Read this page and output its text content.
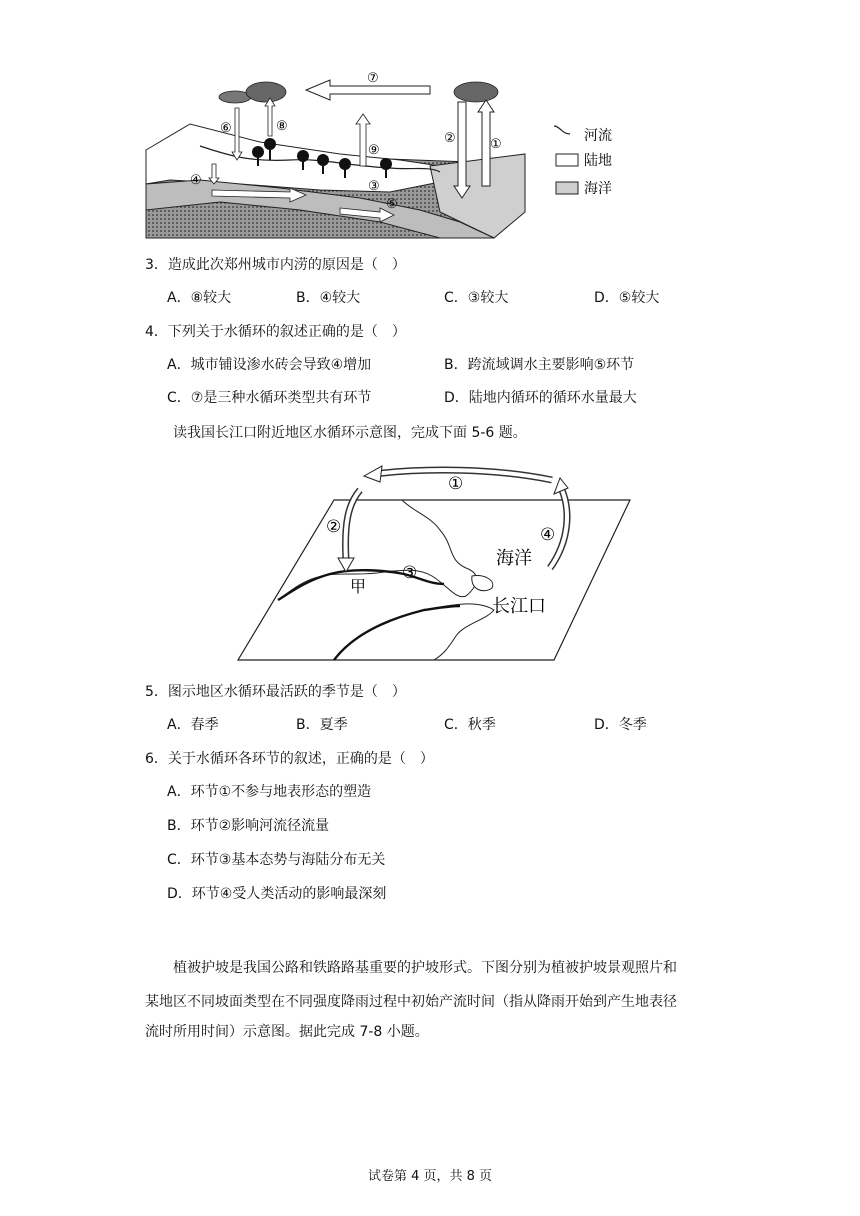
⑦
⑥	⑧
⑨
③
④
⑤
②	①
河流
陆地
海洋
3．造成此次郑州城市内涝的原因是（　）
A．⑧较大	B．④较大	C．③较大	D．⑤较大
4．下列关于水循环的叙述正确的是（　）
A．城市铺设渗水砖会导致④增加	B．跨流域调水主要影响⑤环节
C．⑦是三种水循环类型共有环节	D．陆地内循环的循环水量最大
读我国长江口附近地区水循环示意图，完成下面 5-6 题。
①
②
③
④
甲
海洋
长江口
5．图示地区水循环最活跃的季节是（　）
A．春季	B．夏季	C．秋季	D．冬季
6．关于水循环各环节的叙述，正确的是（　）
A．环节①不参与地表形态的塑造
B．环节②影响河流径流量
C．环节③基本态势与海陆分布无关
D．环节④受人类活动的影响最深刻
植被护坡是我国公路和铁路路基重要的护坡形式。下图分别为植被护坡景观照片和
某地区不同坡面类型在不同强度降雨过程中初始产流时间（指从降雨开始到产生地表径
流时所用时间）示意图。据此完成 7-8 小题。
试卷第 4 页，共 8 页
